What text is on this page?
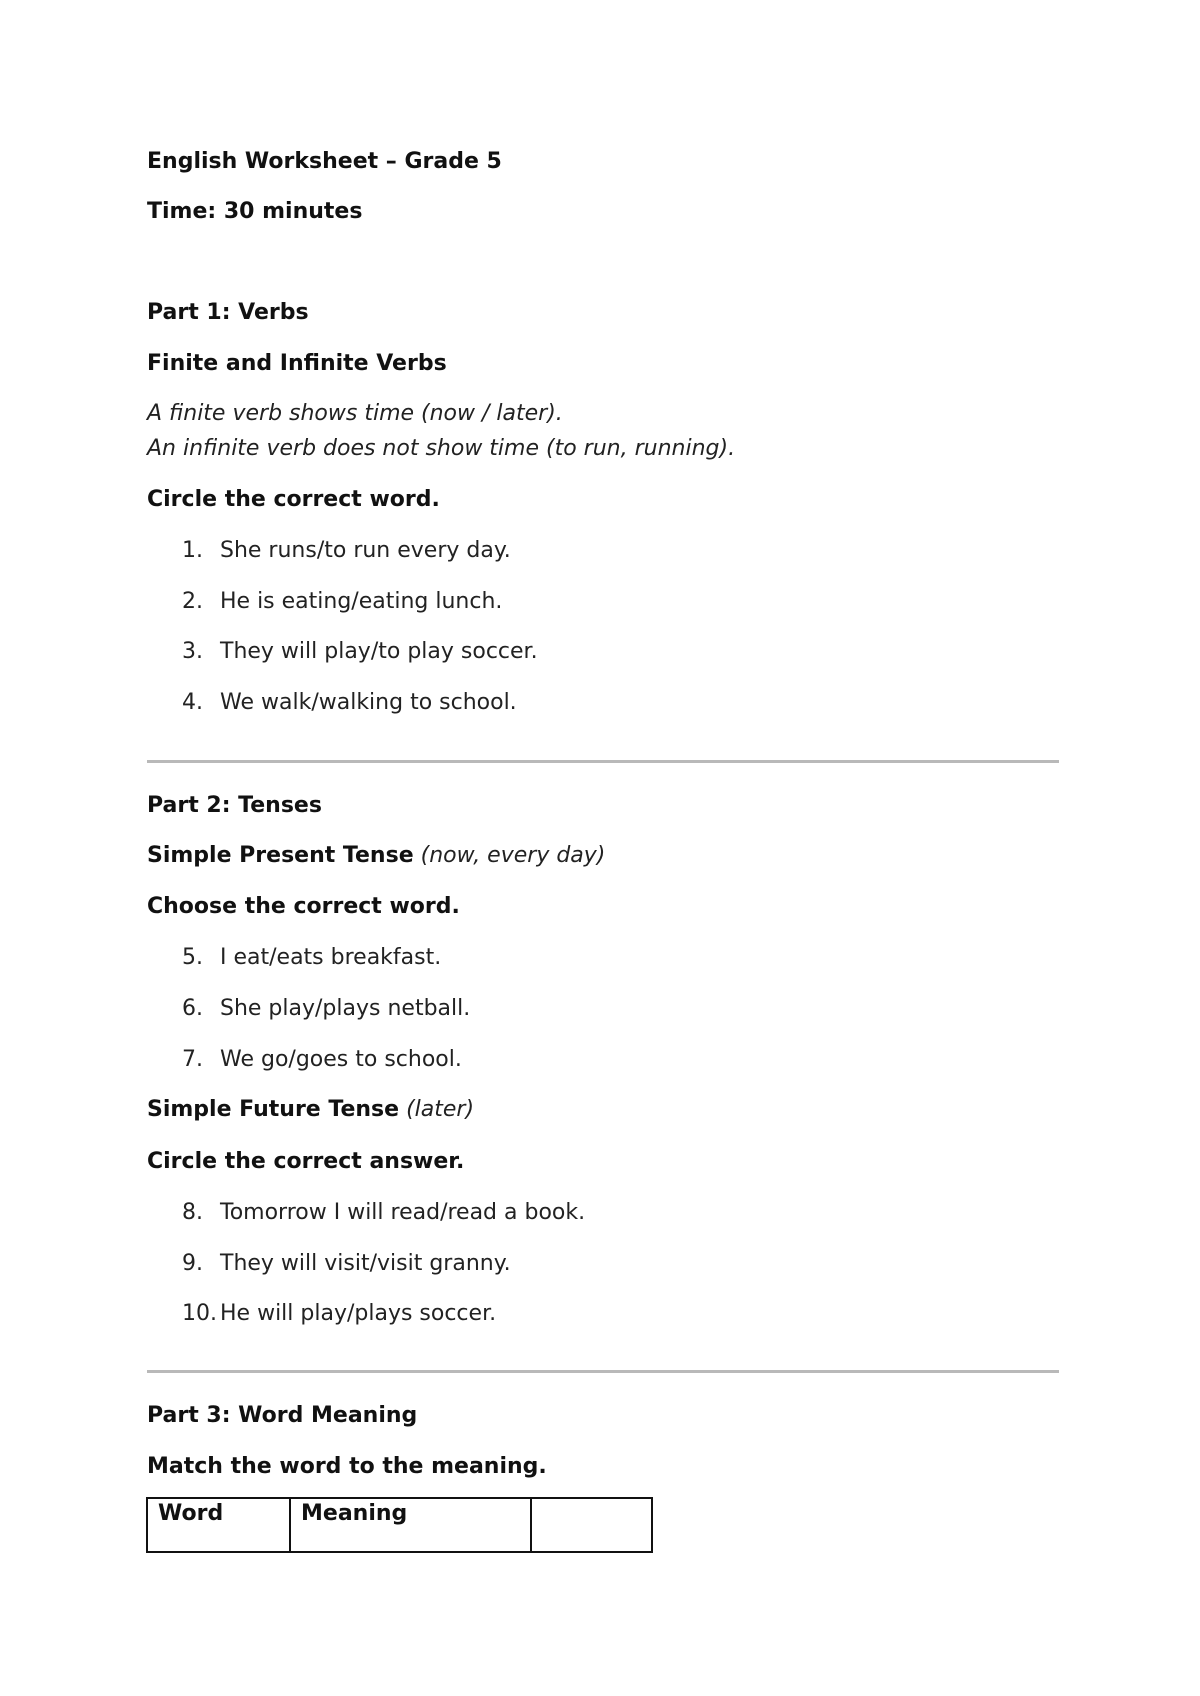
English Worksheet – Grade 5
Time: 30 minutes
Part 1: Verbs
Finite and Infinite Verbs
A finite verb shows time (now / later).
An infinite verb does not show time (to run, running).
Circle the correct word.
1. She runs/to run every day.
2. He is eating/eating lunch.
3. They will play/to play soccer.
4. We walk/walking to school.
Part 2: Tenses
Simple Present Tense (now, every day)
Choose the correct word.
5. I eat/eats breakfast.
6. She play/plays netball.
7. We go/goes to school.
Simple Future Tense (later)
Circle the correct answer.
8. Tomorrow I will read/read a book.
9. They will visit/visit granny.
10. He will play/plays soccer.
Part 3: Word Meaning
Match the word to the meaning.
Word	Meaning	
